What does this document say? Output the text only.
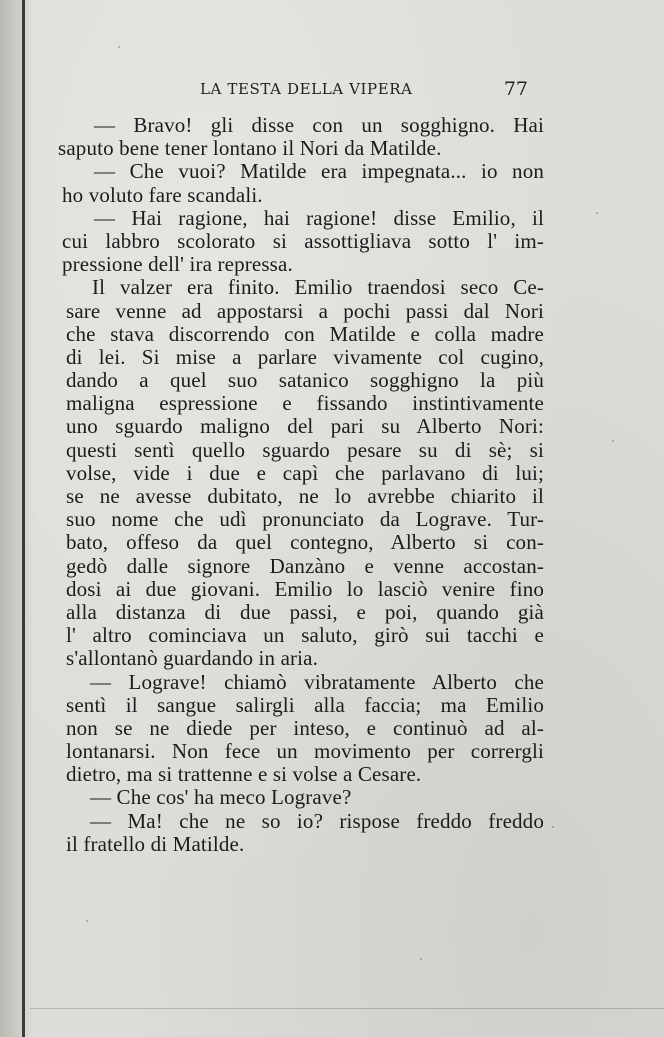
LA TESTA DELLA VIPERA	77
— Bravo! gli disse con un sogghigno. Hai
saputo bene tener lontano il Nori da Matilde.
— Che vuoi? Matilde era impegnata... io non
ho voluto fare scandali.
— Hai ragione, hai ragione! disse Emilio, il
cui labbro scolorato si assottigliava sotto l' im-
pressione dell' ira repressa.
Il valzer era finito. Emilio traendosi seco Ce-
sare venne ad appostarsi a pochi passi dal Nori
che stava discorrendo con Matilde e colla madre
di lei. Si mise a parlare vivamente col cugino,
dando a quel suo satanico sogghigno la più
maligna espressione e fissando instintivamente
uno sguardo maligno del pari su Alberto Nori:
questi sentì quello sguardo pesare su di sè; si
volse, vide i due e capì che parlavano di lui;
se ne avesse dubitato, ne lo avrebbe chiarito il
suo nome che udì pronunciato da Lograve. Tur-
bato, offeso da quel contegno, Alberto si con-
gedò dalle signore Danzàno e venne accostan-
dosi ai due giovani. Emilio lo lasciò venire fino
alla distanza di due passi, e poi, quando già
l' altro cominciava un saluto, girò sui tacchi e
s'allontanò guardando in aria.
— Lograve! chiamò vibratamente Alberto che
sentì il sangue salirgli alla faccia; ma Emilio
non se ne diede per inteso, e continuò ad al-
lontanarsi. Non fece un movimento per corrergli
dietro, ma si trattenne e si volse a Cesare.
— Che cos' ha meco Lograve?
— Ma! che ne so io? rispose freddo freddo
il fratello di Matilde.
